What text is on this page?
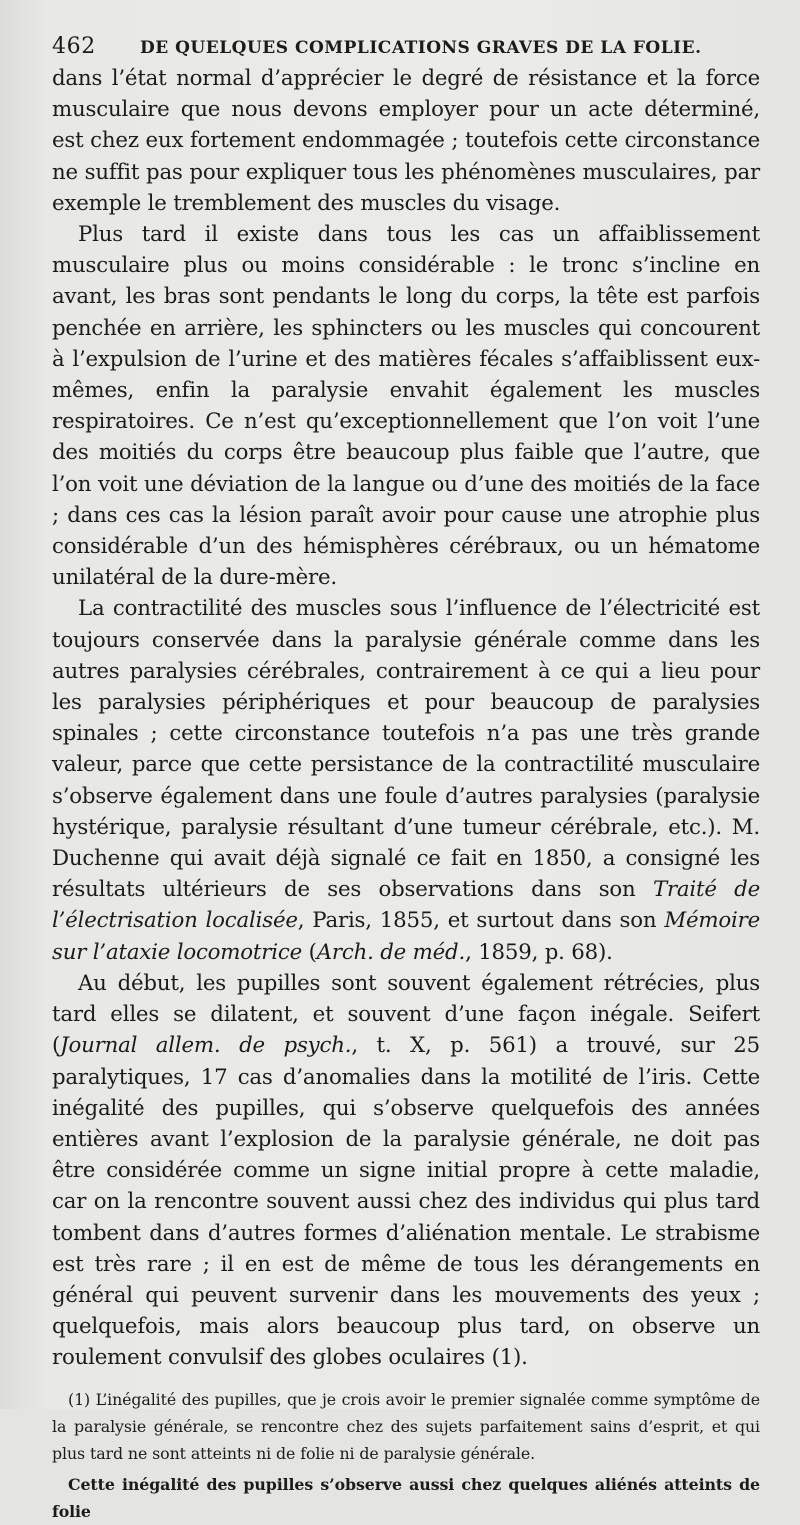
462	DE QUELQUES COMPLICATIONS GRAVES DE LA FOLIE.

dans l’état normal d’apprécier le degré de résistance et la force musculaire que nous devons employer pour un acte déterminé, est chez eux fortement endommagée ; toutefois cette circonstance ne suffit pas pour expliquer tous les phénomènes musculaires, par exemple le tremblement des muscles du visage.

Plus tard il existe dans tous les cas un affaiblissement musculaire plus ou moins considérable : le tronc s’incline en avant, les bras sont pendants le long du corps, la tête est parfois penchée en arrière, les sphincters ou les muscles qui concourent à l’expulsion de l’urine et des matières fécales s’affaiblissent eux-mêmes, enfin la paralysie envahit également les muscles respiratoires. Ce n’est qu’exceptionnellement que l’on voit l’une des moitiés du corps être beaucoup plus faible que l’autre, que l’on voit une déviation de la langue ou d’une des moitiés de la face ; dans ces cas la lésion paraît avoir pour cause une atrophie plus considérable d’un des hémisphères cérébraux, ou un hématome unilatéral de la dure-mère.

La contractilité des muscles sous l’influence de l’électricité est toujours conservée dans la paralysie générale comme dans les autres paralysies cérébrales, contrairement à ce qui a lieu pour les paralysies périphériques et pour beaucoup de paralysies spinales ; cette circonstance toutefois n’a pas une très grande valeur, parce que cette persistance de la contractilité musculaire s’observe également dans une foule d’autres paralysies (paralysie hystérique, paralysie résultant d’une tumeur cérébrale, etc.). M. Duchenne qui avait déjà signalé ce fait en 1850, a consigné les résultats ultérieurs de ses observations dans son Traité de l’électrisation localisée, Paris, 1855, et surtout dans son Mémoire sur l’ataxie locomotrice (Arch. de méd., 1859, p. 68).

Au début, les pupilles sont souvent également rétrécies, plus tard elles se dilatent, et souvent d’une façon inégale. Seifert (Journal allem. de psych., t. X, p. 561) a trouvé, sur 25 paralytiques, 17 cas d’anomalies dans la motilité de l’iris. Cette inégalité des pupilles, qui s’observe quelquefois des années entières avant l’explosion de la paralysie générale, ne doit pas être considérée comme un signe initial propre à cette maladie, car on la rencontre souvent aussi chez des individus qui plus tard tombent dans d’autres formes d’aliénation mentale. Le strabisme est très rare ; il en est de même de tous les dérangements en général qui peuvent survenir dans les mouvements des yeux ; quelquefois, mais alors beaucoup plus tard, on observe un roulement convulsif des globes oculaires (1).

(1) L’inégalité des pupilles, que je crois avoir le premier signalée comme symptôme de la paralysie générale, se rencontre chez des sujets parfaitement sains d’esprit, et qui plus tard ne sont atteints ni de folie ni de paralysie générale.

Cette inégalité des pupilles s’observe aussi chez quelques aliénés atteints de folie
